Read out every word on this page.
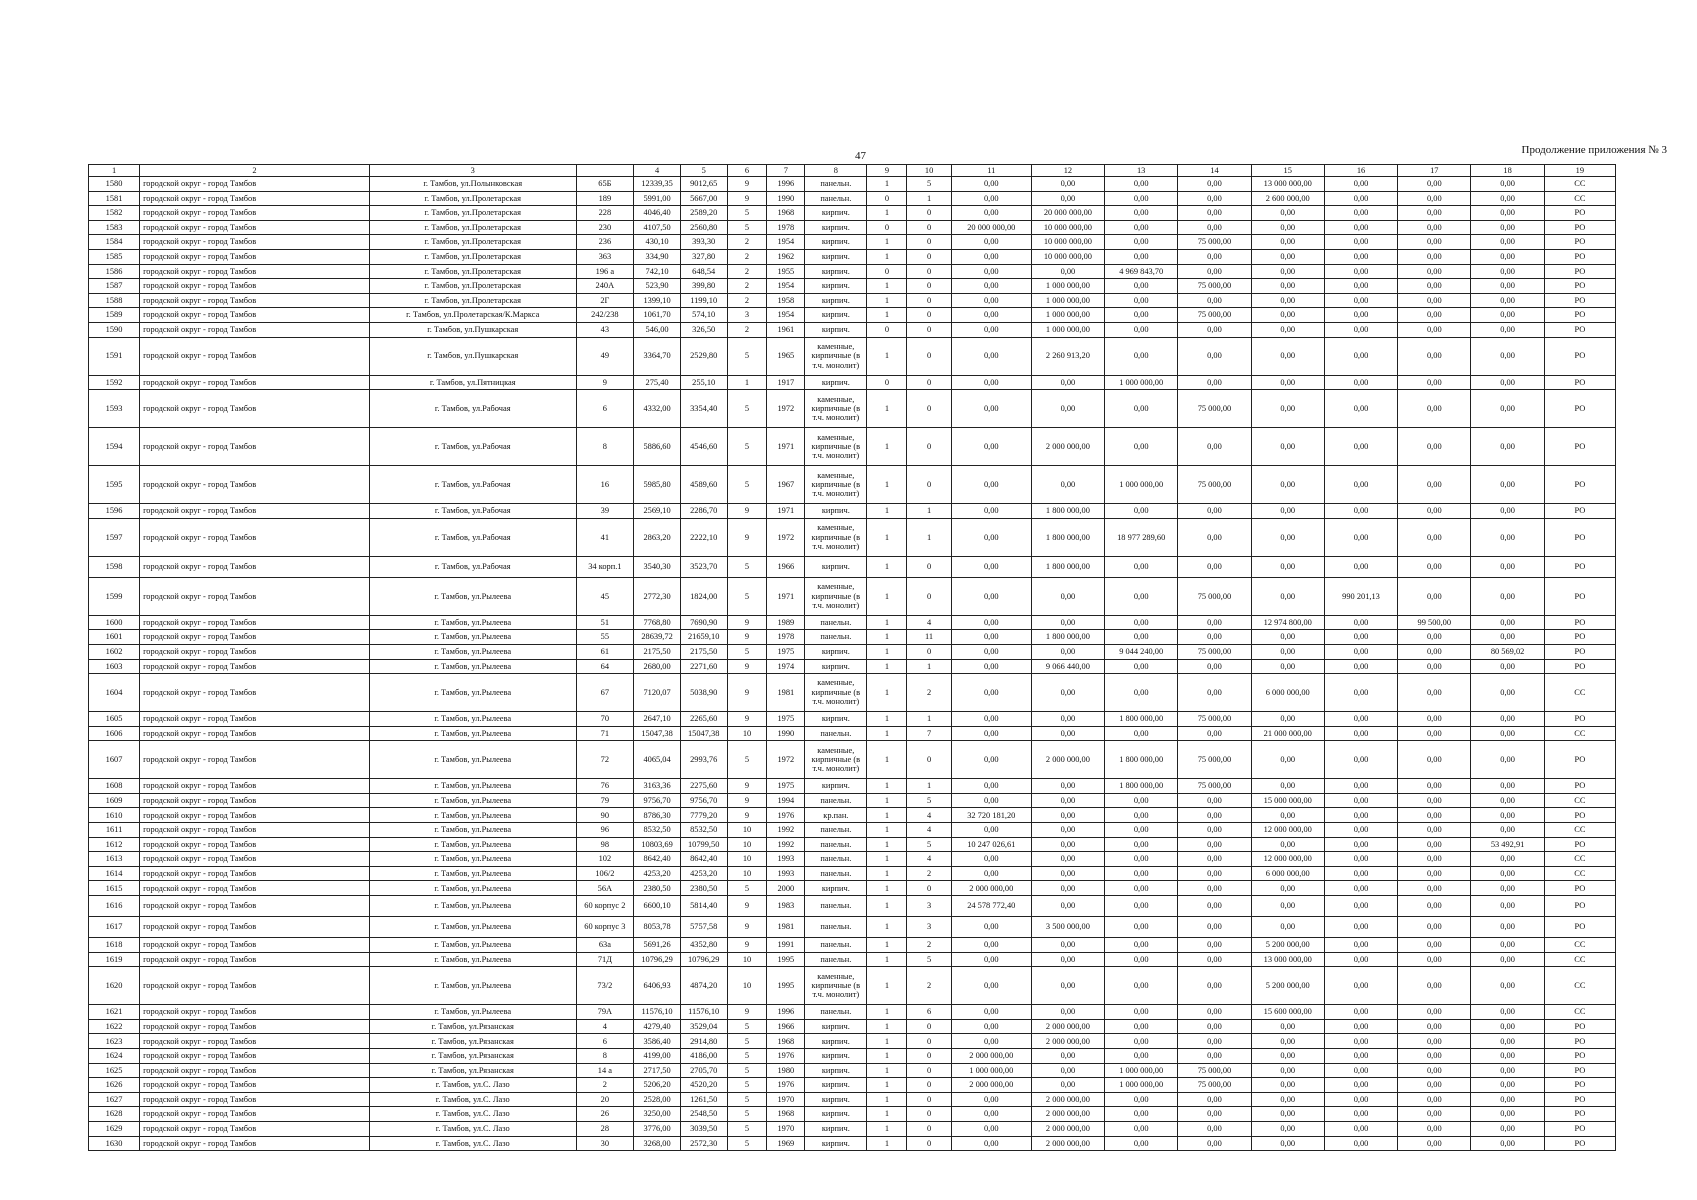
47	Продолжение приложения № 3
1	2	3		4	5	6	7	8	9	10	11	12	13	14	15	16	17	18	19
1580	городской округ - город Тамбов	г. Тамбов, ул.Полынковская	65Б	12339,35	9012,65	9	1996	панельн.	1	5	0,00	0,00	0,00	0,00	13 000 000,00	0,00	0,00	0,00	СС
1581	городской округ - город Тамбов	г. Тамбов, ул.Пролетарская	189	5991,00	5667,00	9	1990	панельн.	0	1	0,00	0,00	0,00	0,00	2 600 000,00	0,00	0,00	0,00	СС
1582	городской округ - город Тамбов	г. Тамбов, ул.Пролетарская	228	4046,40	2589,20	5	1968	кирпич.	1	0	0,00	20 000 000,00	0,00	0,00	0,00	0,00	0,00	0,00	РО
1583	городской округ - город Тамбов	г. Тамбов, ул.Пролетарская	230	4107,50	2560,80	5	1978	кирпич.	0	0	20 000 000,00	10 000 000,00	0,00	0,00	0,00	0,00	0,00	0,00	РО
1584	городской округ - город Тамбов	г. Тамбов, ул.Пролетарская	236	430,10	393,30	2	1954	кирпич.	1	0	0,00	10 000 000,00	0,00	75 000,00	0,00	0,00	0,00	0,00	РО
1585	городской округ - город Тамбов	г. Тамбов, ул.Пролетарская	363	334,90	327,80	2	1962	кирпич.	1	0	0,00	10 000 000,00	0,00	0,00	0,00	0,00	0,00	0,00	РО
1586	городской округ - город Тамбов	г. Тамбов, ул.Пролетарская	196 а	742,10	648,54	2	1955	кирпич.	0	0	0,00	0,00	4 969 843,70	0,00	0,00	0,00	0,00	0,00	РО
1587	городской округ - город Тамбов	г. Тамбов, ул.Пролетарская	240А	523,90	399,80	2	1954	кирпич.	1	0	0,00	1 000 000,00	0,00	75 000,00	0,00	0,00	0,00	0,00	РО
1588	городской округ - город Тамбов	г. Тамбов, ул.Пролетарская	2Г	1399,10	1199,10	2	1958	кирпич.	1	0	0,00	1 000 000,00	0,00	0,00	0,00	0,00	0,00	0,00	РО
1589	городской округ - город Тамбов	г. Тамбов, ул.Пролетарская/К.Маркса	242/238	1061,70	574,10	3	1954	кирпич.	1	0	0,00	1 000 000,00	0,00	75 000,00	0,00	0,00	0,00	0,00	РО
1590	городской округ - город Тамбов	г. Тамбов, ул.Пушкарская	43	546,00	326,50	2	1961	кирпич.	0	0	0,00	1 000 000,00	0,00	0,00	0,00	0,00	0,00	0,00	РО
1591	городской округ - город Тамбов	г. Тамбов, ул.Пушкарская	49	3364,70	2529,80	5	1965	каменные, кирпичные (в т.ч. монолит)	1	0	0,00	2 260 913,20	0,00	0,00	0,00	0,00	0,00	0,00	РО
1592	городской округ - город Тамбов	г. Тамбов, ул.Пятницкая	9	275,40	255,10	1	1917	кирпич.	0	0	0,00	0,00	1 000 000,00	0,00	0,00	0,00	0,00	0,00	РО
1593	городской округ - город Тамбов	г. Тамбов, ул.Рабочая	6	4332,00	3354,40	5	1972	каменные, кирпичные (в т.ч. монолит)	1	0	0,00	0,00	0,00	75 000,00	0,00	0,00	0,00	0,00	РО
1594	городской округ - город Тамбов	г. Тамбов, ул.Рабочая	8	5886,60	4546,60	5	1971	каменные, кирпичные (в т.ч. монолит)	1	0	0,00	2 000 000,00	0,00	0,00	0,00	0,00	0,00	0,00	РО
1595	городской округ - город Тамбов	г. Тамбов, ул.Рабочая	16	5985,80	4589,60	5	1967	каменные, кирпичные (в т.ч. монолит)	1	0	0,00	0,00	1 000 000,00	75 000,00	0,00	0,00	0,00	0,00	РО
1596	городской округ - город Тамбов	г. Тамбов, ул.Рабочая	39	2569,10	2286,70	9	1971	кирпич.	1	1	0,00	1 800 000,00	0,00	0,00	0,00	0,00	0,00	0,00	РО
1597	городской округ - город Тамбов	г. Тамбов, ул.Рабочая	41	2863,20	2222,10	9	1972	каменные, кирпичные (в т.ч. монолит)	1	1	0,00	1 800 000,00	18 977 289,60	0,00	0,00	0,00	0,00	0,00	РО
1598	городской округ - город Тамбов	г. Тамбов, ул.Рабочая	34 корп.1	3540,30	3523,70	5	1966	кирпич.	1	0	0,00	1 800 000,00	0,00	0,00	0,00	0,00	0,00	0,00	РО
1599	городской округ - город Тамбов	г. Тамбов, ул.Рылеева	45	2772,30	1824,00	5	1971	каменные, кирпичные (в т.ч. монолит)	1	0	0,00	0,00	0,00	75 000,00	0,00	990 201,13	0,00	0,00	РО
1600	городской округ - город Тамбов	г. Тамбов, ул.Рылеева	51	7768,80	7690,90	9	1989	панельн.	1	4	0,00	0,00	0,00	0,00	12 974 800,00	0,00	99 500,00	0,00	РО
1601	городской округ - город Тамбов	г. Тамбов, ул.Рылеева	55	28639,72	21659,10	9	1978	панельн.	1	11	0,00	1 800 000,00	0,00	0,00	0,00	0,00	0,00	0,00	РО
1602	городской округ - город Тамбов	г. Тамбов, ул.Рылеева	61	2175,50	2175,50	5	1975	кирпич.	1	0	0,00	0,00	9 044 240,00	75 000,00	0,00	0,00	0,00	80 569,02	РО
1603	городской округ - город Тамбов	г. Тамбов, ул.Рылеева	64	2680,00	2271,60	9	1974	кирпич.	1	1	0,00	9 066 440,00	0,00	0,00	0,00	0,00	0,00	0,00	РО
1604	городской округ - город Тамбов	г. Тамбов, ул.Рылеева	67	7120,07	5038,90	9	1981	каменные, кирпичные (в т.ч. монолит)	1	2	0,00	0,00	0,00	0,00	6 000 000,00	0,00	0,00	0,00	СС
1605	городской округ - город Тамбов	г. Тамбов, ул.Рылеева	70	2647,10	2265,60	9	1975	кирпич.	1	1	0,00	0,00	1 800 000,00	75 000,00	0,00	0,00	0,00	0,00	РО
1606	городской округ - город Тамбов	г. Тамбов, ул.Рылеева	71	15047,38	15047,38	10	1990	панельн.	1	7	0,00	0,00	0,00	0,00	21 000 000,00	0,00	0,00	0,00	СС
1607	городской округ - город Тамбов	г. Тамбов, ул.Рылеева	72	4065,04	2993,76	5	1972	каменные, кирпичные (в т.ч. монолит)	1	0	0,00	2 000 000,00	1 800 000,00	75 000,00	0,00	0,00	0,00	0,00	РО
1608	городской округ - город Тамбов	г. Тамбов, ул.Рылеева	76	3163,36	2275,60	9	1975	кирпич.	1	1	0,00	0,00	1 800 000,00	75 000,00	0,00	0,00	0,00	0,00	РО
1609	городской округ - город Тамбов	г. Тамбов, ул.Рылеева	79	9756,70	9756,70	9	1994	панельн.	1	5	0,00	0,00	0,00	0,00	15 000 000,00	0,00	0,00	0,00	СС
1610	городской округ - город Тамбов	г. Тамбов, ул.Рылеева	90	8786,30	7779,20	9	1976	кр.пан.	1	4	32 720 181,20	0,00	0,00	0,00	0,00	0,00	0,00	0,00	РО
1611	городской округ - город Тамбов	г. Тамбов, ул.Рылеева	96	8532,50	8532,50	10	1992	панельн.	1	4	0,00	0,00	0,00	0,00	12 000 000,00	0,00	0,00	0,00	СС
1612	городской округ - город Тамбов	г. Тамбов, ул.Рылеева	98	10803,69	10799,50	10	1992	панельн.	1	5	10 247 026,61	0,00	0,00	0,00	0,00	0,00	0,00	53 492,91	РО
1613	городской округ - город Тамбов	г. Тамбов, ул.Рылеева	102	8642,40	8642,40	10	1993	панельн.	1	4	0,00	0,00	0,00	0,00	12 000 000,00	0,00	0,00	0,00	СС
1614	городской округ - город Тамбов	г. Тамбов, ул.Рылеева	106/2	4253,20	4253,20	10	1993	панельн.	1	2	0,00	0,00	0,00	0,00	6 000 000,00	0,00	0,00	0,00	СС
1615	городской округ - город Тамбов	г. Тамбов, ул.Рылеева	56А	2380,50	2380,50	5	2000	кирпич.	1	0	2 000 000,00	0,00	0,00	0,00	0,00	0,00	0,00	0,00	РО
1616	городской округ - город Тамбов	г. Тамбов, ул.Рылеева	60 корпус 2	6600,10	5814,40	9	1983	панельн.	1	3	24 578 772,40	0,00	0,00	0,00	0,00	0,00	0,00	0,00	РО
1617	городской округ - город Тамбов	г. Тамбов, ул.Рылеева	60 корпус 3	8053,78	5757,58	9	1981	панельн.	1	3	0,00	3 500 000,00	0,00	0,00	0,00	0,00	0,00	0,00	РО
1618	городской округ - город Тамбов	г. Тамбов, ул.Рылеева	63а	5691,26	4352,80	9	1991	панельн.	1	2	0,00	0,00	0,00	0,00	5 200 000,00	0,00	0,00	0,00	СС
1619	городской округ - город Тамбов	г. Тамбов, ул.Рылеева	71Д	10796,29	10796,29	10	1995	панельн.	1	5	0,00	0,00	0,00	0,00	13 000 000,00	0,00	0,00	0,00	СС
1620	городской округ - город Тамбов	г. Тамбов, ул.Рылеева	73/2	6406,93	4874,20	10	1995	каменные, кирпичные (в т.ч. монолит)	1	2	0,00	0,00	0,00	0,00	5 200 000,00	0,00	0,00	0,00	СС
1621	городской округ - город Тамбов	г. Тамбов, ул.Рылеева	79А	11576,10	11576,10	9	1996	панельн.	1	6	0,00	0,00	0,00	0,00	15 600 000,00	0,00	0,00	0,00	СС
1622	городской округ - город Тамбов	г. Тамбов, ул.Рязанская	4	4279,40	3529,04	5	1966	кирпич.	1	0	0,00	2 000 000,00	0,00	0,00	0,00	0,00	0,00	0,00	РО
1623	городской округ - город Тамбов	г. Тамбов, ул.Рязанская	6	3586,40	2914,80	5	1968	кирпич.	1	0	0,00	2 000 000,00	0,00	0,00	0,00	0,00	0,00	0,00	РО
1624	городской округ - город Тамбов	г. Тамбов, ул.Рязанская	8	4199,00	4186,00	5	1976	кирпич.	1	0	2 000 000,00	0,00	0,00	0,00	0,00	0,00	0,00	0,00	РО
1625	городской округ - город Тамбов	г. Тамбов, ул.Рязанская	14 а	2717,50	2705,70	5	1980	кирпич.	1	0	1 000 000,00	0,00	1 000 000,00	75 000,00	0,00	0,00	0,00	0,00	РО
1626	городской округ - город Тамбов	г. Тамбов, ул.С. Лазо	2	5206,20	4520,20	5	1976	кирпич.	1	0	2 000 000,00	0,00	1 000 000,00	75 000,00	0,00	0,00	0,00	0,00	РО
1627	городской округ - город Тамбов	г. Тамбов, ул.С. Лазо	20	2528,00	1261,50	5	1970	кирпич.	1	0	0,00	2 000 000,00	0,00	0,00	0,00	0,00	0,00	0,00	РО
1628	городской округ - город Тамбов	г. Тамбов, ул.С. Лазо	26	3250,00	2548,50	5	1968	кирпич.	1	0	0,00	2 000 000,00	0,00	0,00	0,00	0,00	0,00	0,00	РО
1629	городской округ - город Тамбов	г. Тамбов, ул.С. Лазо	28	3776,00	3039,50	5	1970	кирпич.	1	0	0,00	2 000 000,00	0,00	0,00	0,00	0,00	0,00	0,00	РО
1630	городской округ - город Тамбов	г. Тамбов, ул.С. Лазо	30	3268,00	2572,30	5	1969	кирпич.	1	0	0,00	2 000 000,00	0,00	0,00	0,00	0,00	0,00	0,00	РО
